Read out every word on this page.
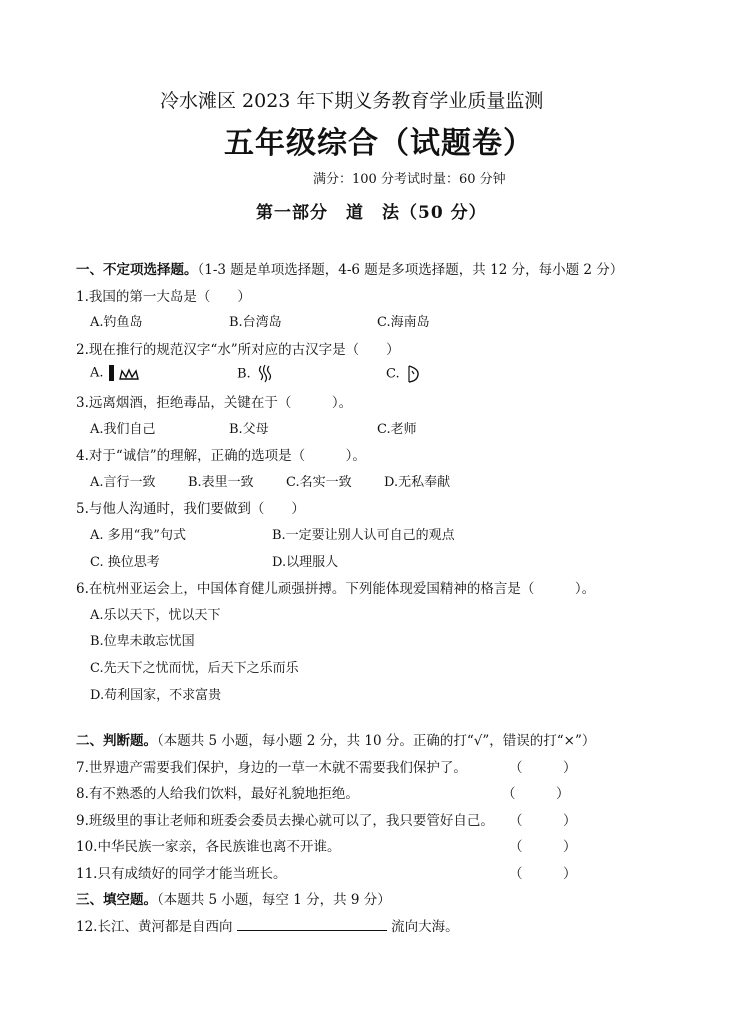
冷水滩区 2023 年下期义务教育学业质量监测
五年级综合（试题卷）
满分：100 分考试时量：60 分钟
第一部分　道　法（50 分）
一、不定项选择题。（1-3 题是单项选择题，4-6 题是多项选择题，共 12 分，每小题 2 分）
1.我国的第一大岛是（　　）
A.钓鱼岛	B.台湾岛	C.海南岛
2.现在推行的规范汉字“水”所对应的古汉字是（　　）
A.	B.	C.
3.远离烟酒，拒绝毒品，关键在于（　　　）。
A.我们自己	B.父母	C.老师
4.对于“诚信”的理解，正确的选项是（　　　）。
A.言行一致 B.表里一致 C.名实一致 D.无私奉献
5.与他人沟通时，我们要做到（　　）
A. 多用“我”句式	B.一定要让别人认可自己的观点
C. 换位思考	D.以理服人
6.在杭州亚运会上，中国体育健儿顽强拼搏。下列能体现爱国精神的格言是（　　　）。
A.乐以天下，忧以天下
B.位卑未敢忘忧国
C.先天下之忧而忧，后天下之乐而乐
D.苟利国家，不求富贵
二、判断题。（本题共 5 小题，每小题 2 分，共 10 分。正确的打“√”，错误的打“×”）
7.世界遗产需要我们保护，身边的一草一木就不需要我们保护了。	（　　　）
8.有不熟悉的人给我们饮料，最好礼貌地拒绝。	（　　　）
9.班级里的事让老师和班委会委员去操心就可以了，我只要管好自己。 （　　　）
10.中华民族一家亲，各民族谁也离不开谁。	（　　　）
11.只有成绩好的同学才能当班长。	（　　　）
三、填空题。（本题共 5 小题，每空 1 分，共 9 分）
12.长江、黄河都是自西向	流向大海。
